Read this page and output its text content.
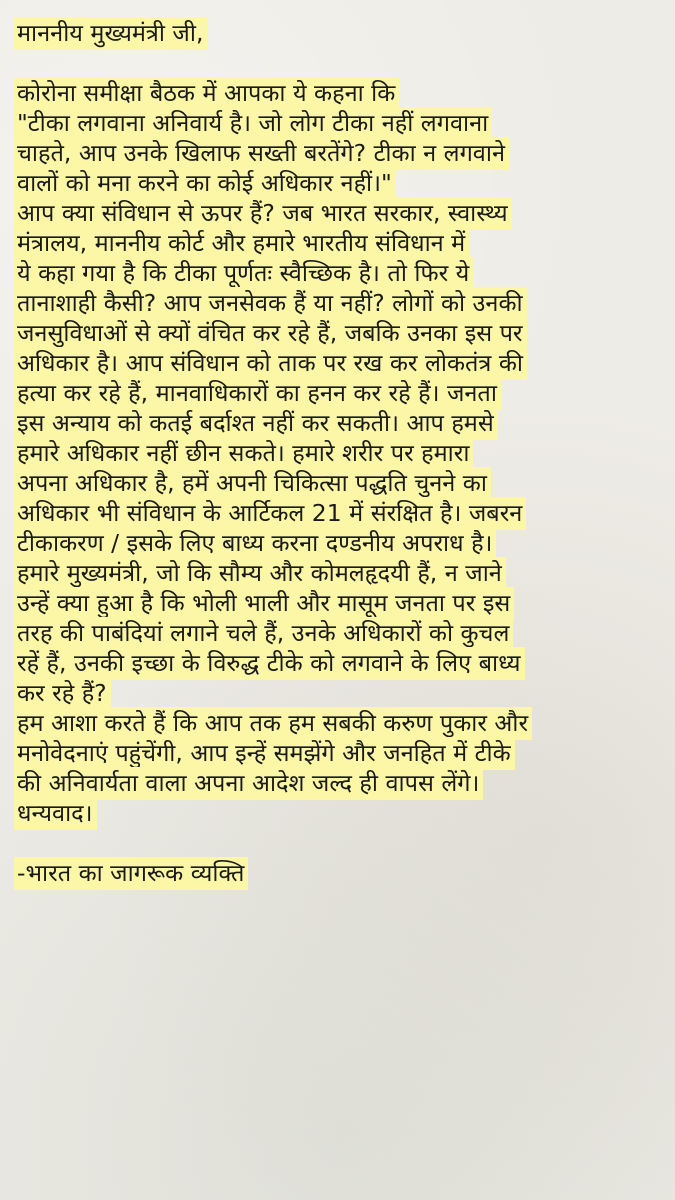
माननीय मुख्यमंत्री जी,
कोरोना समीक्षा बैठक में आपका ये कहना कि
"टीका लगवाना अनिवार्य है। जो लोग टीका नहीं लगवाना
चाहते, आप उनके खिलाफ सख्ती बरतेंगे? टीका न लगवाने
वालों को मना करने का कोई अधिकार नहीं।"
आप क्या संविधान से ऊपर हैं? जब भारत सरकार, स्वास्थ्य
मंत्रालय, माननीय कोर्ट और हमारे भारतीय संविधान में
ये कहा गया है कि टीका पूर्णतः स्वैच्छिक है। तो फिर ये
तानाशाही कैसी? आप जनसेवक हैं या नहीं? लोगों को उनकी
जनसुविधाओं से क्यों वंचित कर रहे हैं, जबकि उनका इस पर
अधिकार है। आप संविधान को ताक पर रख कर लोकतंत्र की
हत्या कर रहे हैं, मानवाधिकारों का हनन कर रहे हैं। जनता
इस अन्याय को कतई बर्दाश्त नहीं कर सकती। आप हमसे
हमारे अधिकार नहीं छीन सकते। हमारे शरीर पर हमारा
अपना अधिकार है, हमें अपनी चिकित्सा पद्धति चुनने का
अधिकार भी संविधान के आर्टिकल 21 में संरक्षित है। जबरन
टीकाकरण / इसके लिए बाध्य करना दण्डनीय अपराध है।
हमारे मुख्यमंत्री, जो कि सौम्य और कोमलहृदयी हैं, न जाने
उन्हें क्या हुआ है कि भोली भाली और मासूम जनता पर इस
तरह की पाबंदियां लगाने चले हैं, उनके अधिकारों को कुचल
रहें हैं, उनकी इच्छा के विरुद्ध टीके को लगवाने के लिए बाध्य
कर रहे हैं?
हम आशा करते हैं कि आप तक हम सबकी करुण पुकार और
मनोवेदनाएं पहुंचेंगी, आप इन्हें समझेंगे और जनहित में टीके
की अनिवार्यता वाला अपना आदेश जल्द ही वापस लेंगे।
धन्यवाद।
-भारत का जागरूक व्यक्ति
